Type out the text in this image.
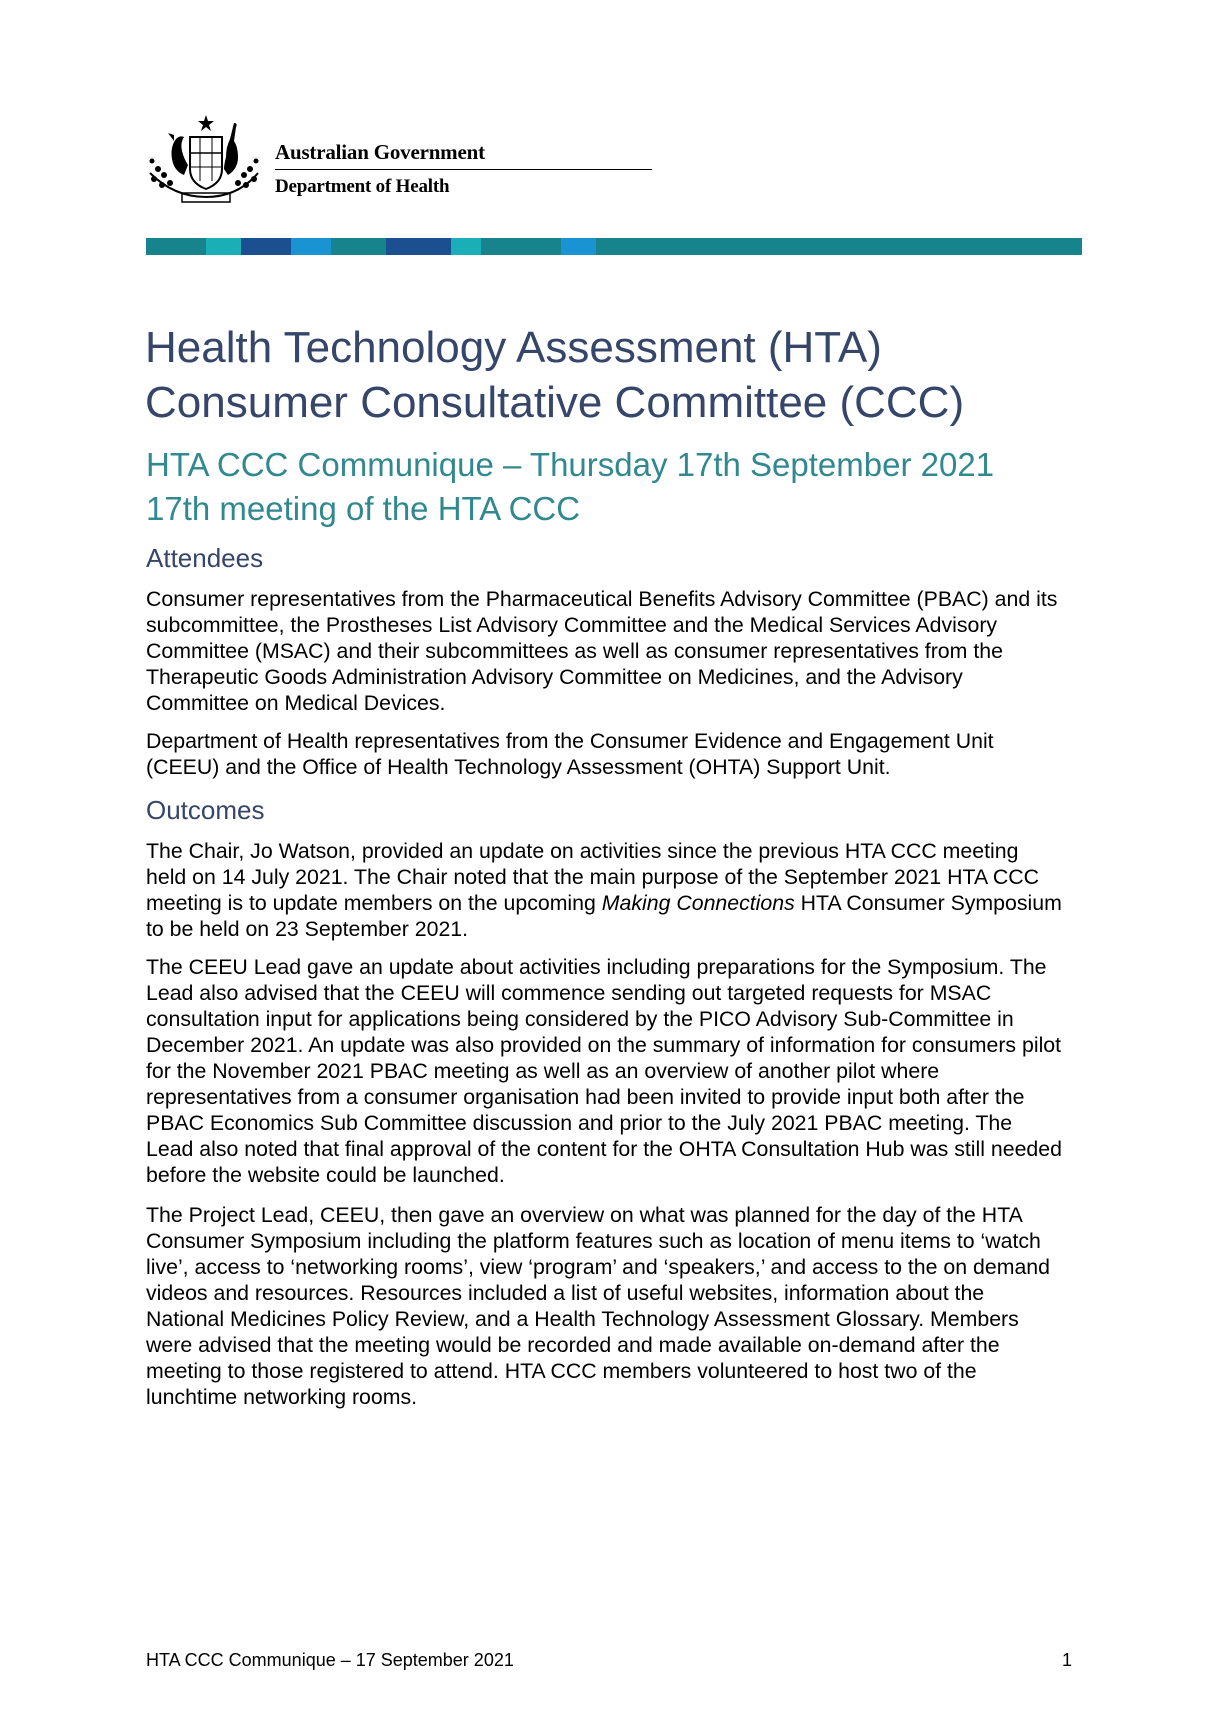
Australian Government
Department of Health
Health Technology Assessment (HTA)
Consumer Consultative Committee (CCC)
HTA CCC Communique – Thursday 17th September 2021
17th meeting of the HTA CCC
Attendees

Consumer representatives from the Pharmaceutical Benefits Advisory Committee (PBAC) and its
subcommittee, the Prostheses List Advisory Committee and the Medical Services Advisory
Committee (MSAC) and their subcommittees as well as consumer representatives from the
Therapeutic Goods Administration Advisory Committee on Medicines, and the Advisory
Committee on Medical Devices.

Department of Health representatives from the Consumer Evidence and Engagement Unit
(CEEU) and the Office of Health Technology Assessment (OHTA) Support Unit.

Outcomes

The Chair, Jo Watson, provided an update on activities since the previous HTA CCC meeting
held on 14 July 2021. The Chair noted that the main purpose of the September 2021 HTA CCC
meeting is to update members on the upcoming Making Connections HTA Consumer Symposium
to be held on 23 September 2021.

The CEEU Lead gave an update about activities including preparations for the Symposium. The
Lead also advised that the CEEU will commence sending out targeted requests for MSAC
consultation input for applications being considered by the PICO Advisory Sub-Committee in
December 2021. An update was also provided on the summary of information for consumers pilot
for the November 2021 PBAC meeting as well as an overview of another pilot where
representatives from a consumer organisation had been invited to provide input both after the
PBAC Economics Sub Committee discussion and prior to the July 2021 PBAC meeting. The
Lead also noted that final approval of the content for the OHTA Consultation Hub was still needed
before the website could be launched.

The Project Lead, CEEU, then gave an overview on what was planned for the day of the HTA
Consumer Symposium including the platform features such as location of menu items to ‘watch
live’, access to ‘networking rooms’, view ‘program’ and ‘speakers,’ and access to the on demand
videos and resources. Resources included a list of useful websites, information about the
National Medicines Policy Review, and a Health Technology Assessment Glossary. Members
were advised that the meeting would be recorded and made available on-demand after the
meeting to those registered to attend. HTA CCC members volunteered to host two of the
lunchtime networking rooms.

HTA CCC Communique – 17 September 2021	1
